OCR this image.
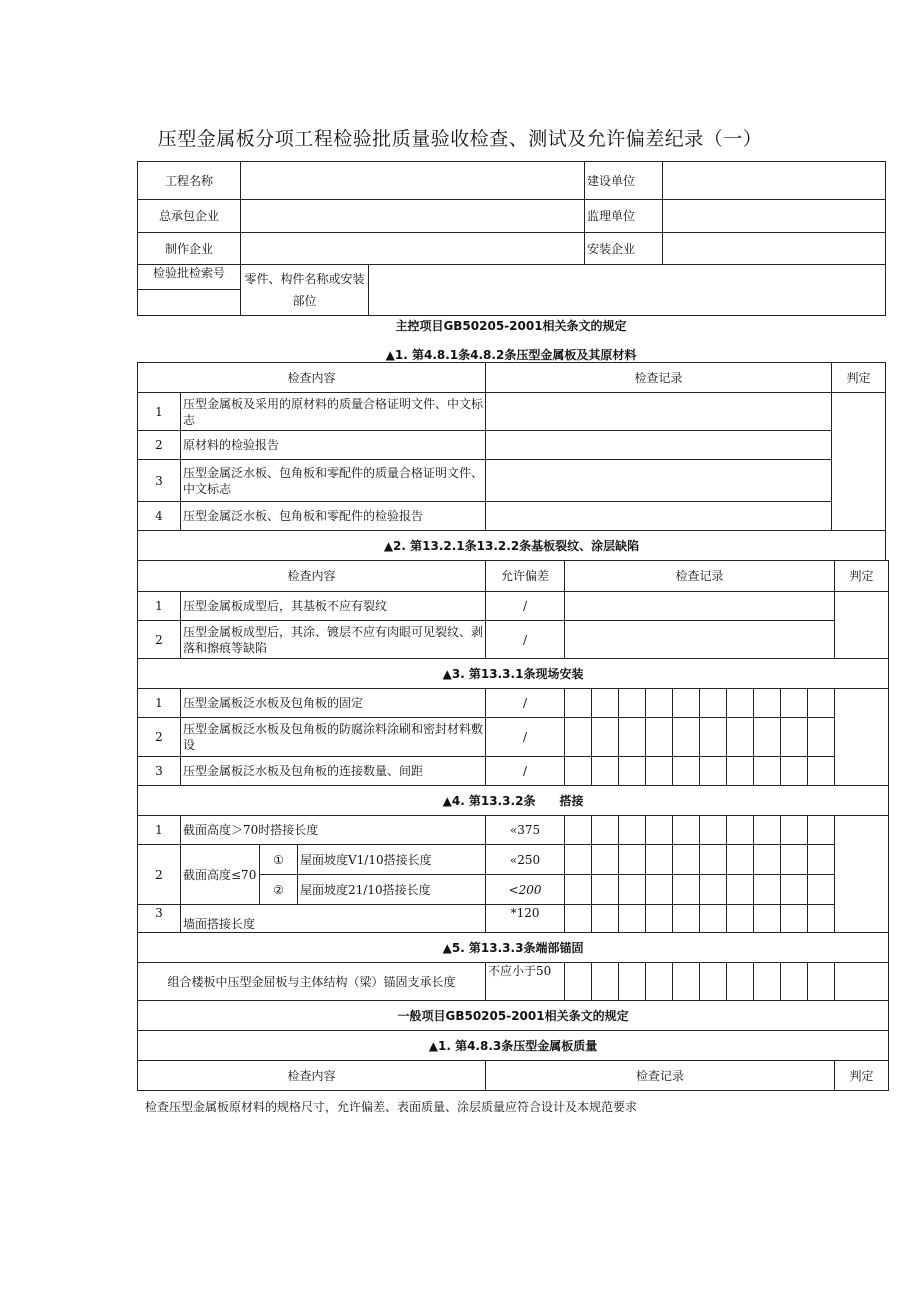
压型金属板分项工程检验批质量验收检查、测试及允许偏差纪录（一）
工程名称			建设单位	
总承包企业			监理单位	
制作企业			安装企业	
检验批检索号	零件、构件名称或安装部位			

主控项目GB50205-2001相关条文的规定
▲1. 第4.8.1条4.8.2条压型金属板及其原材料
检查内容		检查记录	判定
1	压型金属板及采用的原材料的质量合格证明文件、中文标志		
2	原材料的检验报告		
3	压型金属泛水板、包角板和零配件的质量合格证明文件、中文标志		
4	压型金属泛水板、包角板和零配件的检验报告		
▲2. 第13.2.1条13.2.2条基板裂纹、涂层缺陷			
检查内容				允许偏差	检查记录										判定
1	压型金属板成型后，其基板不应有裂纹			/											
2	压型金属板成型后，其涂、镀层不应有肉眼可见裂纹、剥落和擦痕等缺陷			/											
▲3. 第13.3.1条现场安装															
1	压型金属板泛水板及包角板的固定			/											
2	压型金属板泛水板及包角板的防腐涂料涂刷和密封材料敷设			/											
3	压型金属板泛水板及包角板的连接数量、间距			/											
▲4. 第13.3.2条　　搭接															
1	截面高度＞70时搭接长度			«375											
2	截面高度≤70	①	屋面坡度V1/10搭接长度	«250											
		②	屋面坡度21/10搭接长度	<200											
3	墙面搭接长度			*120											
▲5. 第13.3.3条端部锚固															
组合楼板中压型金屈板与主体结构（梁）锚固支承长度				不应小于50											
一般项目GB50205-2001相关条文的规定															
▲1. 第4.8.3条压型金属板质量															
检查内容				检查记录											判定
检查压型金属板原材料的规格尺寸，允许偏差、表面质量、涂层质量应符合设计及本规范要求
